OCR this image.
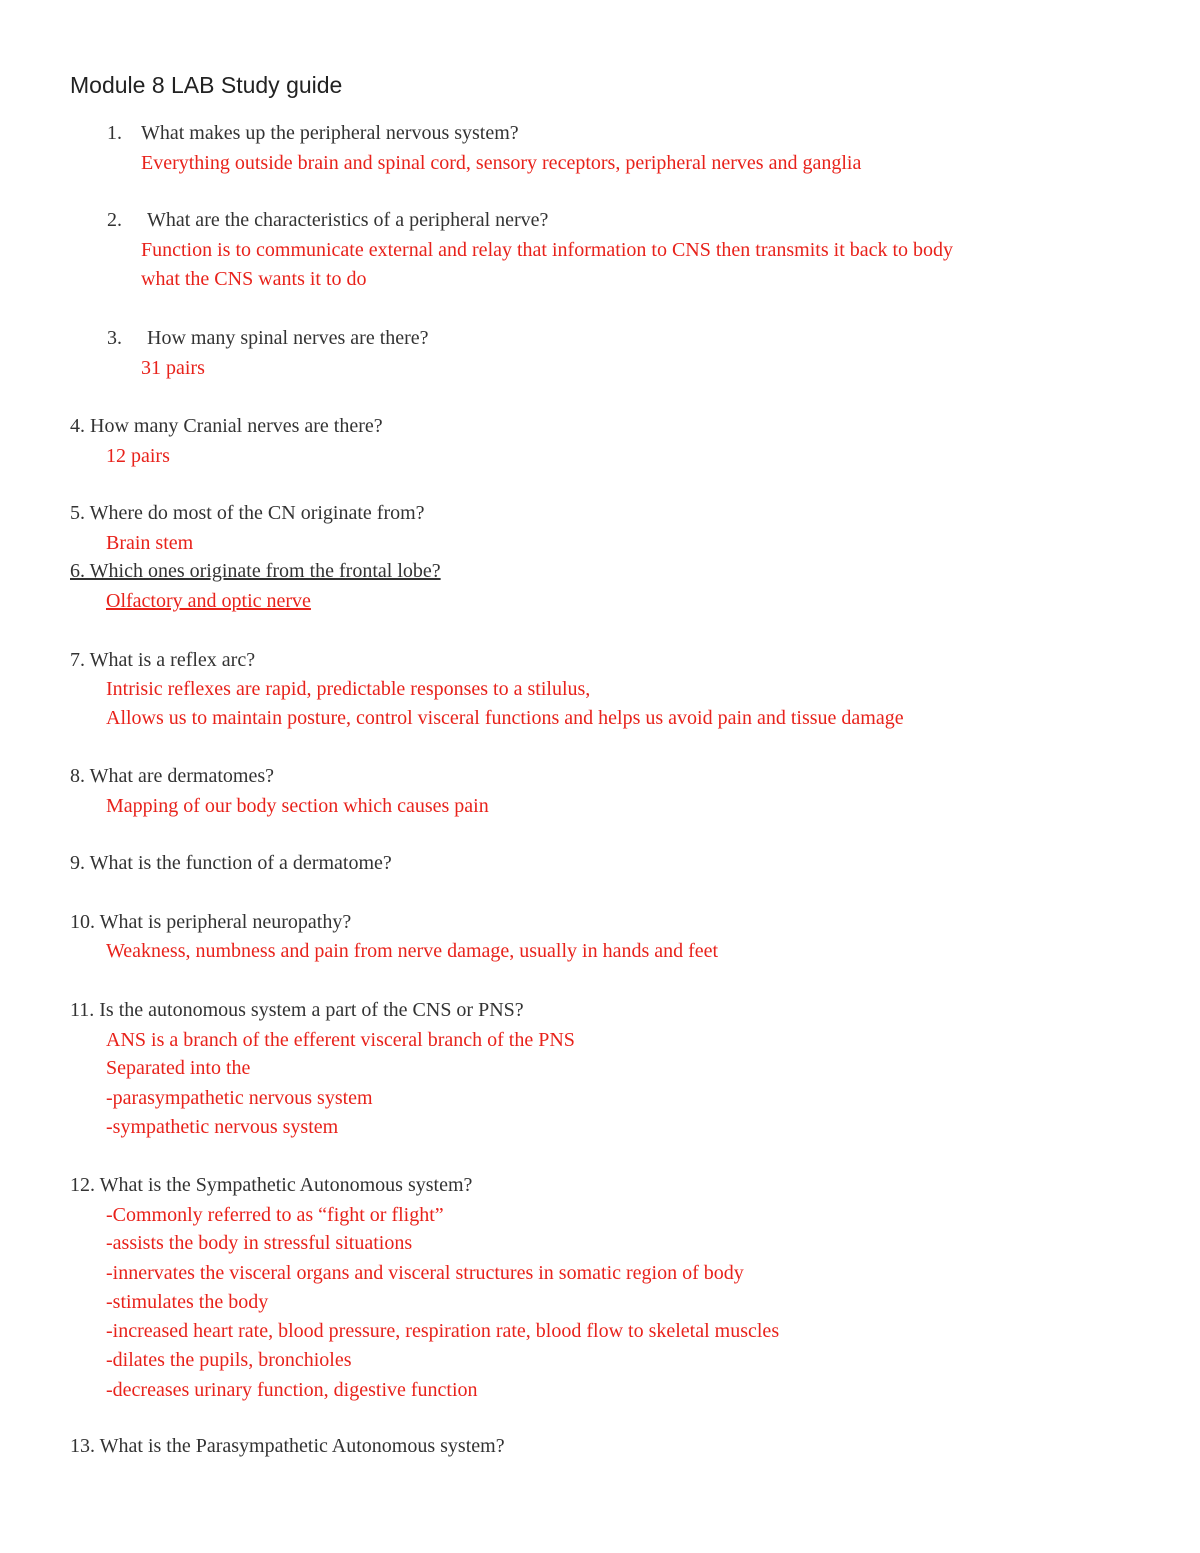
Module 8 LAB Study guide
1. What makes up the peripheral nervous system?
Everything outside brain and spinal cord, sensory receptors, peripheral nerves and ganglia
2. What are the characteristics of a peripheral nerve?
Function is to communicate external and relay that information to CNS then transmits it back to body
what the CNS wants it to do
3. How many spinal nerves are there?
31 pairs
4. How many Cranial nerves are there?
12 pairs
5. Where do most of the CN originate from?
Brain stem
6. Which ones originate from the frontal lobe?
Olfactory and optic nerve
7. What is a reflex arc?
Intrisic reflexes are rapid, predictable responses to a stilulus,
Allows us to maintain posture, control visceral functions and helps us avoid pain and tissue damage
8. What are dermatomes?
Mapping of our body section which causes pain
9. What is the function of a dermatome?
10. What is peripheral neuropathy?
Weakness, numbness and pain from nerve damage, usually in hands and feet
11. Is the autonomous system a part of the CNS or PNS?
ANS is a branch of the efferent visceral branch of the PNS
Separated into the
-parasympathetic nervous system
-sympathetic nervous system
12. What is the Sympathetic Autonomous system?
-Commonly referred to as “fight or flight”
-assists the body in stressful situations
-innervates the visceral organs and visceral structures in somatic region of body
-stimulates the body
-increased heart rate, blood pressure, respiration rate, blood flow to skeletal muscles
-dilates the pupils, bronchioles
-decreases urinary function, digestive function
13. What is the Parasympathetic Autonomous system?
